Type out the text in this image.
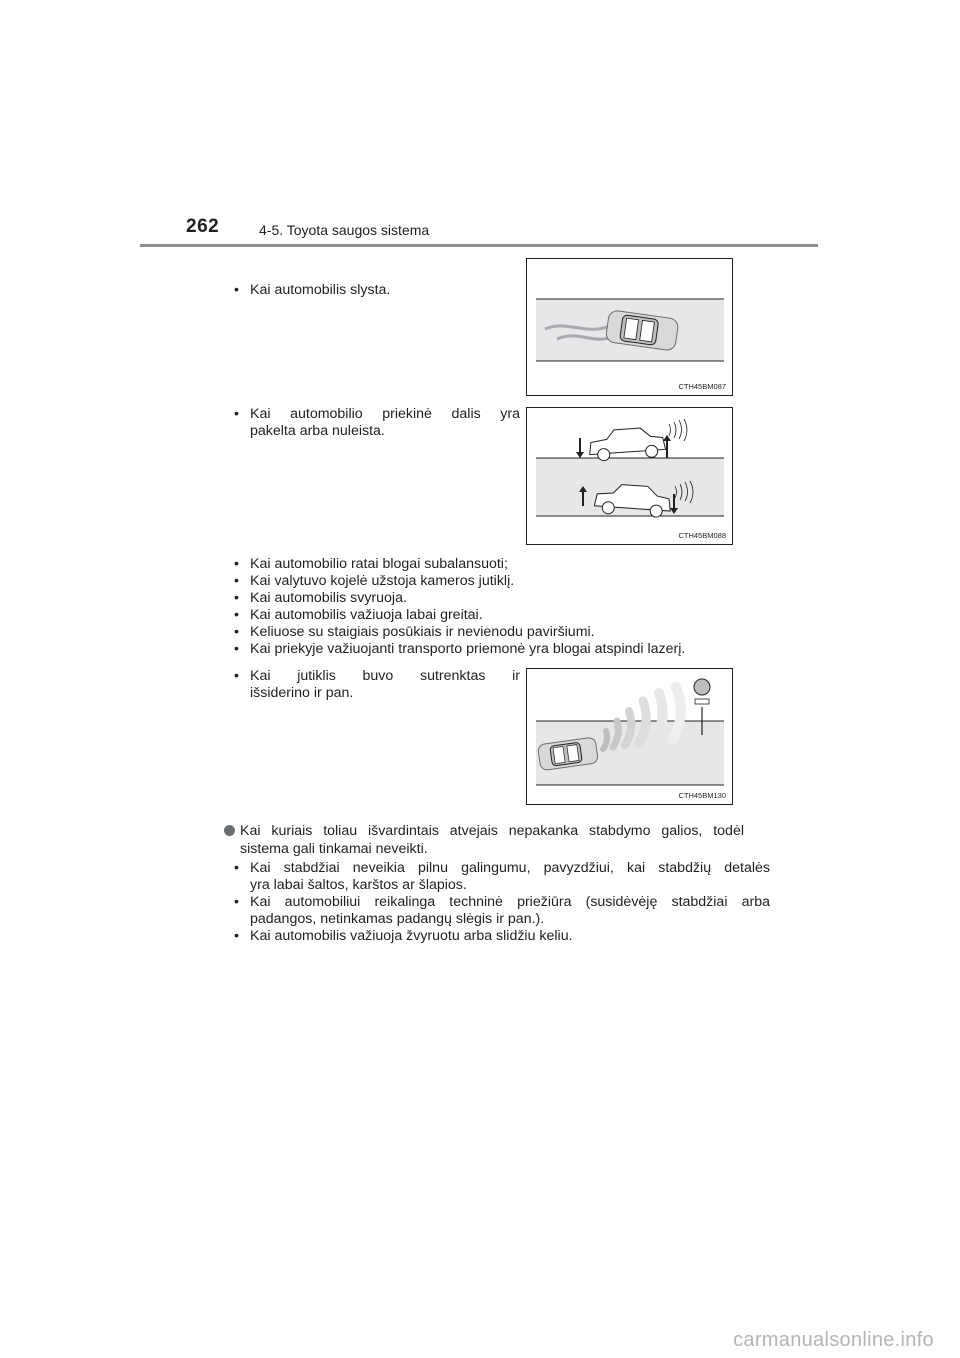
262	4-5. Toyota saugos sistema
• Kai automobilis slysta.
CTH45BM087
• Kai automobilio priekinė dalis yra
pakelta arba nuleista.
CTH45BM088
• Kai automobilio ratai blogai subalansuoti;
• Kai valytuvo kojelė užstoja kameros jutiklį.
• Kai automobilis svyruoja.
• Kai automobilis važiuoja labai greitai.
• Keliuose su staigiais posūkiais ir nevienodu paviršiumi.
• Kai priekyje važiuojanti transporto priemonė yra blogai atspindi lazerį.
• Kai jutiklis buvo sutrenktas ir
išsiderino ir pan.
CTH45BM130
Kai kuriais toliau išvardintais atvejais nepakanka stabdymo galios, todėl
sistema gali tinkamai neveikti.
• Kai stabdžiai neveikia pilnu galingumu, pavyzdžiui, kai stabdžių detalės
yra labai šaltos, karštos ar šlapios.
• Kai automobiliui reikalinga techninė priežiūra (susidėvėję stabdžiai arba
padangos, netinkamas padangų slėgis ir pan.).
• Kai automobilis važiuoja žvyruotu arba slidžiu keliu.
carmanualsonline.info
